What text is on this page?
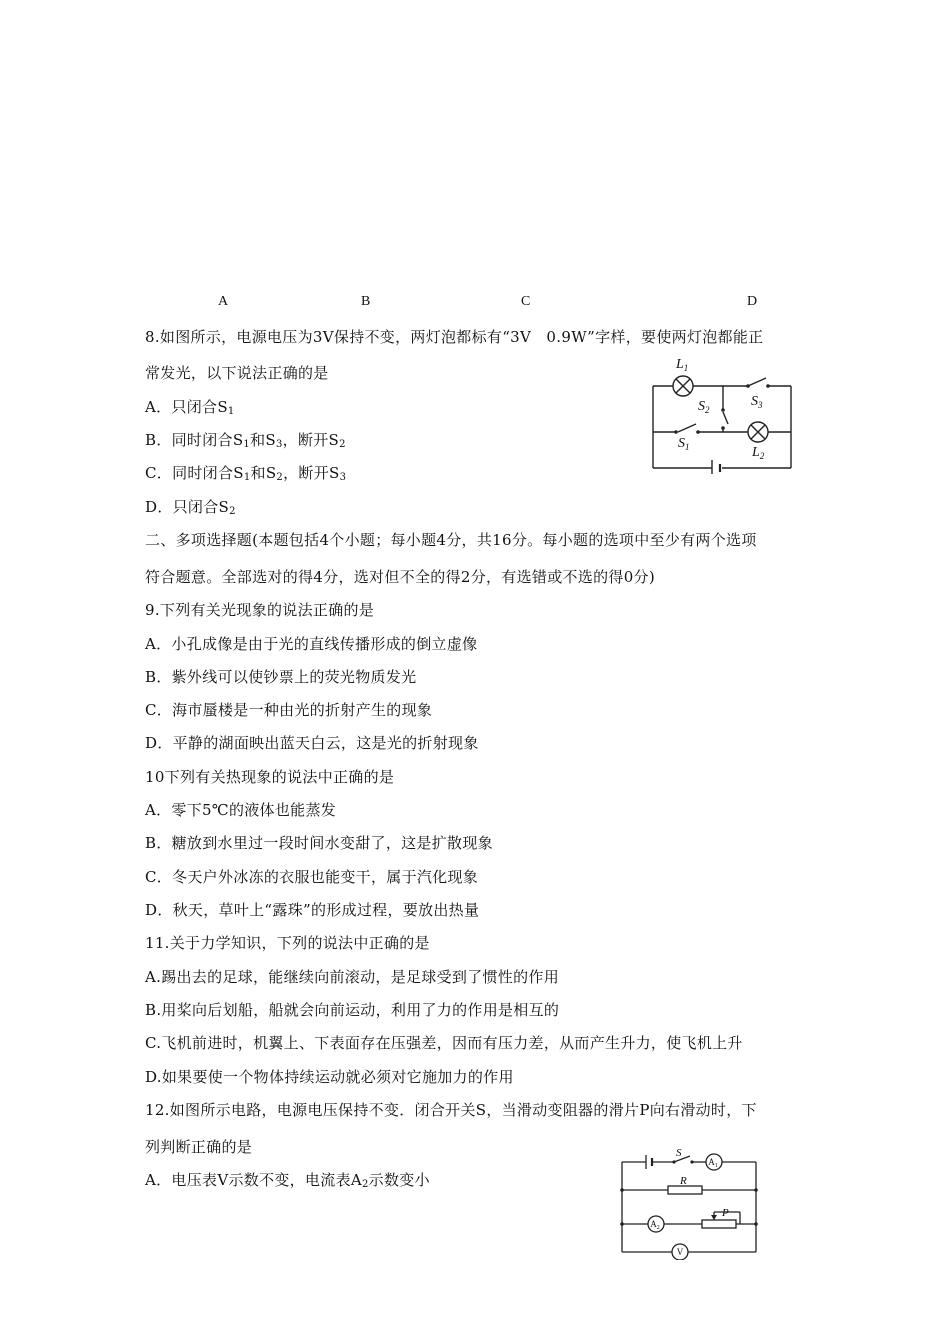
A	B	C	D
8.如图所示，电源电压为3V保持不变，两灯泡都标有“3V　0.9W”字样，要使两灯泡都能正
常发光，以下说法正确的是
A．只闭合$S_1$
B．同时闭合$S_1$和$S_3$，断开$S_2$
C．同时闭合$S_1$和$S_2$，断开$S_3$
D．只闭合$S_2$
$L_1$
$S_2$
$S_3$
$S_1$	$L_2$
二、多项选择题(本题包括4个小题；每小题4分，共16分。每小题的选项中至少有两个选项
符合题意。全部选对的得4分，选对但不全的得2分，有选错或不选的得0分)
9.下列有关光现象的说法正确的是
A．小孔成像是由于光的直线传播形成的倒立虚像
B．紫外线可以使钞票上的荧光物质发光
C．海市蜃楼是一种由光的折射产生的现象
D．平静的湖面映出蓝天白云，这是光的折射现象
10下列有关热现象的说法中正确的是
A．零下5℃的液体也能蒸发
B．糖放到水里过一段时间水变甜了，这是扩散现象
C．冬天户外冰冻的衣服也能变干，属于汽化现象
D．秋天，草叶上“露珠”的形成过程，要放出热量
11.关于力学知识，下列的说法中正确的是
A.踢出去的足球，能继续向前滚动，是足球受到了惯性的作用
B.用桨向后划船，船就会向前运动，利用了力的作用是相互的
C.飞机前进时，机翼上、下表面存在压强差，因而有压力差，从而产生升力，使飞机上升
D.如果要使一个物体持续运动就必须对它施加力的作用
12.如图所示电路，电源电压保持不变．闭合开关S，当滑动变阻器的滑片P向右滑动时，下
列判断正确的是
A．电压表V示数不变，电流表$A_2$示数变小
S
R
P
$A_1$
$A_2$
V
